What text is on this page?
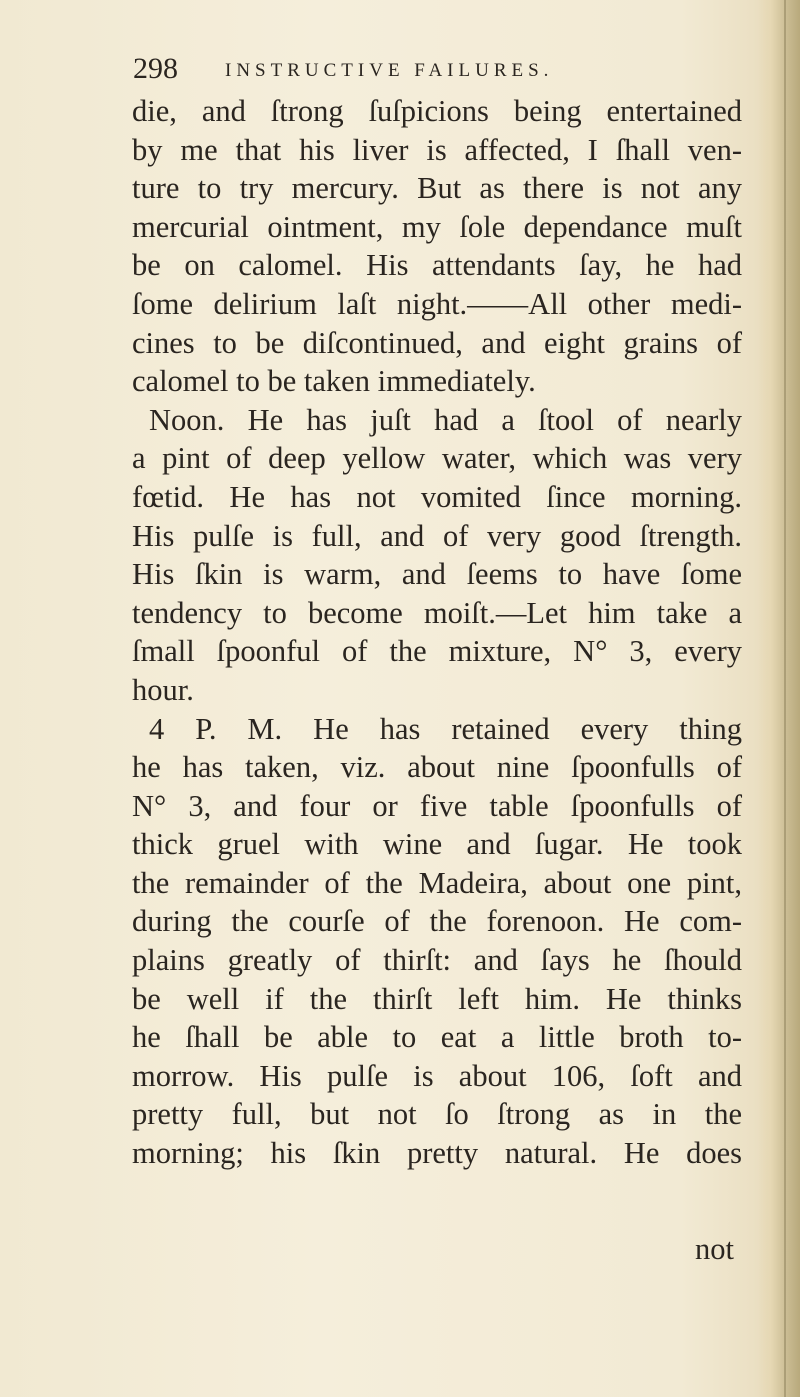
298 INSTRUCTIVE FAILURES.
die, and ſtrong ſuſpicions being entertained
by me that his liver is affected, I ſhall ven-
ture to try mercury. But as there is not any
mercurial ointment, my ſole dependance muſt
be on calomel. His attendants ſay, he had
ſome delirium laſt night.——All other medi-
cines to be diſcontinued, and eight grains of
calomel to be taken immediately.
Noon. He has juſt had a ſtool of nearly
a pint of deep yellow water, which was very
fœtid. He has not vomited ſince morning.
His pulſe is full, and of very good ſtrength.
His ſkin is warm, and ſeems to have ſome
tendency to become moiſt.—Let him take a
ſmall ſpoonful of the mixture, N° 3, every
hour.
4 P. M. He has retained every thing
he has taken, viz. about nine ſpoonfulls of
N° 3, and four or five table ſpoonfulls of
thick gruel with wine and ſugar. He took
the remainder of the Madeira, about one pint,
during the courſe of the forenoon. He com-
plains greatly of thirſt: and ſays he ſhould
be well if the thirſt left him. He thinks
he ſhall be able to eat a little broth to-
morrow. His pulſe is about 106, ſoft and
pretty full, but not ſo ſtrong as in the
morning; his ſkin pretty natural. He does
not
